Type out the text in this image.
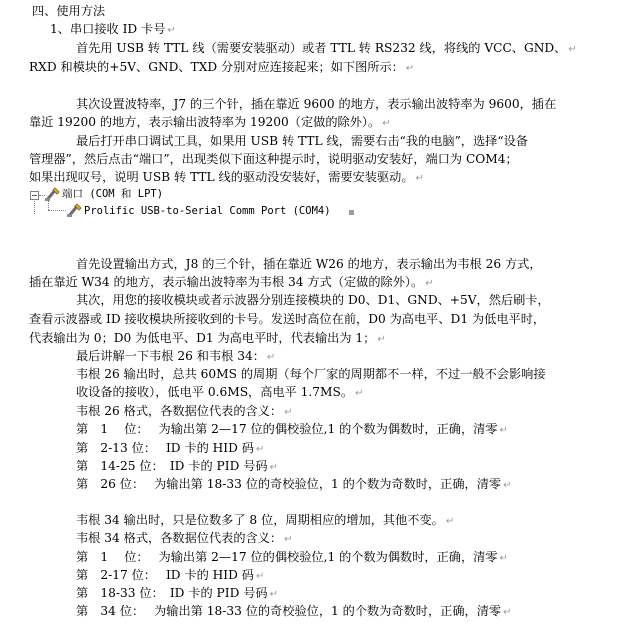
四、使用方法
1、串口接收 ID 卡号 ↵
首先用 USB 转 TTL 线（需要安装驱动）或者 TTL 转 RS232 线，将线的 VCC、GND、 ↵
RXD 和模块的+5V、GND、TXD 分别对应连接起来；如下图所示： ↵
其次设置波特率，J7 的三个针，插在靠近 9600 的地方，表示输出波特率为 9600，插在
靠近 19200 的地方，表示输出波特率为 19200（定做的除外）。 ↵
最后打开串口调试工具，如果用 USB 转 TTL 线，需要右击“我的电脑”，选择“设备
管理器”，然后点击“端口”，出现类似下面这种提示时，说明驱动安装好，端口为 COM4；
如果出现叹号，说明 USB 转 TTL 线的驱动没安装好，需要安装驱动。 ↵
− 端口 (COM 和 LPT)
Prolific USB-to-Serial Comm Port (COM4) ▪
首先设置输出方式，J8 的三个针，插在靠近 W26 的地方，表示输出为韦根 26 方式，
插在靠近 W34 的地方，表示输出波特率为韦根 34 方式（定做的除外）。 ↵
其次，用您的接收模块或者示波器分别连接模块的 D0、D1、GND、+5V，然后刷卡，
查看示波器或 ID 接收模块所接收到的卡号。发送时高位在前，D0 为高电平、D1 为低电平时，
代表输出为 0；D0 为低电平、D1 为高电平时，代表输出为 1； ↵
最后讲解一下韦根 26 和韦根 34： ↵
韦根 26 输出时，总共 60MS 的周期（每个厂家的周期都不一样，不过一般不会影响接
收设备的接收），低电平 0.6MS，高电平 1.7MS。 ↵
韦根 26 格式，各数据位代表的含义： ↵
第　1　 位：　 为输出第 2—17 位的偶校验位,1 的个数为偶数时，正确，清零 ↵
第　2-13 位：　 ID 卡的 HID 码 ↵
第　14-25 位：　ID 卡的 PID 号码 ↵
第　26 位：　 为输出第 18-33 位的奇校验位，1 的个数为奇数时，正确，清零 ↵
韦根 34 输出时，只是位数多了 8 位，周期相应的增加，其他不变。 ↵
韦根 34 格式，各数据位代表的含义： ↵
第　1　 位：　 为输出第 2—17 位的偶校验位,1 的个数为偶数时，正确，清零 ↵
第　2-17 位：　 ID 卡的 HID 码 ↵
第　18-33 位：　ID 卡的 PID 号码 ↵
第　34 位：　 为输出第 18-33 位的奇校验位，1 的个数为奇数时，正确，清零 ↵
